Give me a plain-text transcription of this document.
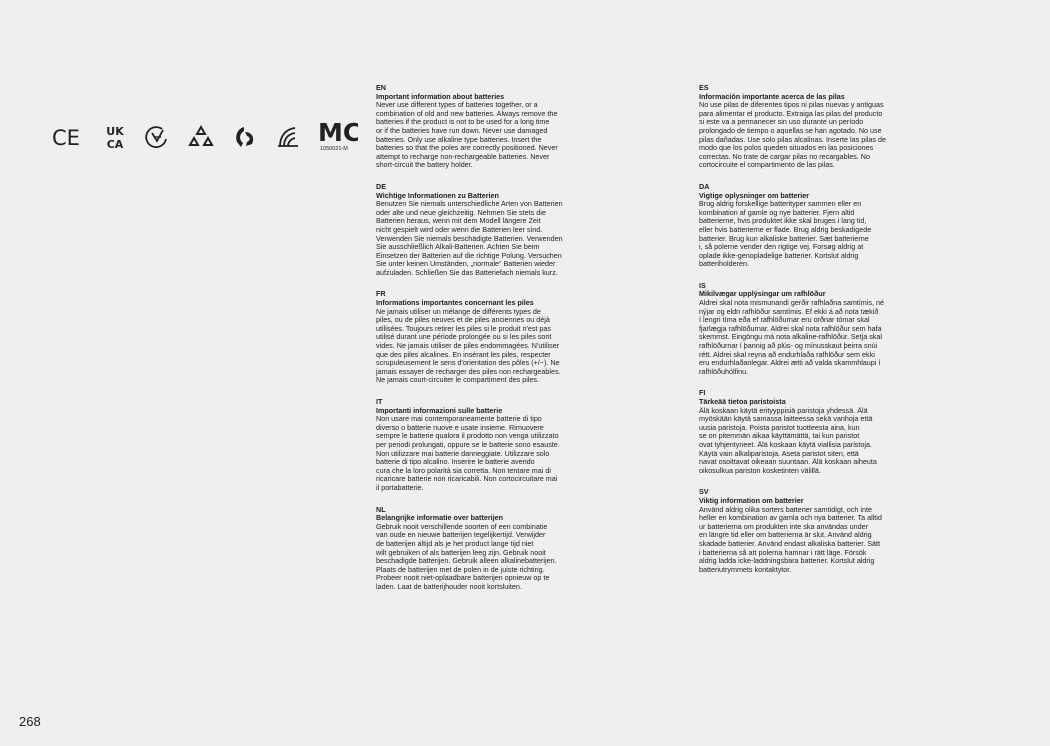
CE UK
CA	MC
1050021-M
EN
Important information about batteries
Never use different types of batteries together, or a
combination of old and new batteries. Always remove the
batteries if the product is not to be used for a long time
or if the batteries have run down. Never use damaged
batteries. Only use alkaline type batteries. Insert the
batteries so that the poles are correctly positioned. Never
attempt to recharge non-rechargeable batteries. Never
short-circuit the battery holder.
DE
Wichtige Informationen zu Batterien
Benutzen Sie niemals unterschiedliche Arten von Batterien
oder alte und neue gleichzeitig. Nehmen Sie stets die
Batterien heraus, wenn mit dem Modell längere Zeit
nicht gespielt wird oder wenn die Batterien leer sind.
Verwenden Sie niemals beschädigte Batterien. Verwenden
Sie ausschließlich Alkali-Batterien. Achten Sie beim
Einsetzen der Batterien auf die richtige Polung. Versuchen
Sie unter keinen Umständen, „normale“ Batterien wieder
aufzuladen. Schließen Sie das Batteriefach niemals kurz.
FR
Informations importantes concernant les piles
Ne jamais utiliser un mélange de différents types de
piles, ou de piles neuves et de piles anciennes ou déjà
utilisées. Toujours retirer les piles si le produit n'est pas
utilisé durant une période prolongée ou si les piles sont
vides. Ne jamais utiliser de piles endommagées. N'utiliser
que des piles alcalines. En insérant les piles, respecter
scrupuleusement le sens d'orientation des pôles (+/−). Ne
jamais essayer de recharger des piles non rechargeables.
Ne jamais court-circuiter le compartiment des piles.
IT
Importanti informazioni sulle batterie
Non usare mai contemporaneamente batterie di tipo
diverso o batterie nuove e usate insieme. Rimuovere
sempre le batterie qualora il prodotto non venga utilizzato
per periodi prolungati, oppure se le batterie sono esauste.
Non utilizzare mai batterie danneggiate. Utilizzare solo
batterie di tipo alcalino. Inserire le batterie avendo
cura che la loro polarità sia corretta. Non tentare mai di
ricaricare batterie non ricaricabili. Non cortocircuitare mai
il portabatterie.
NL
Belangrijke informatie over batterijen
Gebruik nooit verschillende soorten of een combinatie
van oude en nieuwe batterijen tegelijkertijd. Verwijder
de batterijen altijd als je het product lange tijd niet
wilt gebruiken of als batterijen leeg zijn. Gebruik nooit
beschadigde batterijen. Gebruik alleen alkalinebatterijen.
Plaats de batterijen met de polen in de juiste richting.
Probeer nooit niet-oplaadbare batterijen opnieuw op te
laden. Laat de batterijhouder nooit kortsluiten.
ES
Información importante acerca de las pilas
No use pilas de diferentes tipos ni pilas nuevas y antiguas
para alimentar el producto. Extraiga las pilas del producto
si este va a permanecer sin uso durante un período
prolongado de tiempo o aquellas se han agotado. No use
pilas dañadas. Use solo pilas alcalinas. Inserte las pilas de
modo que los polos queden situados en las posiciones
correctas. No trate de cargar pilas no recargables. No
cortocircuite el compartimento de las pilas.
DA
Vigtige oplysninger om batterier
Brug aldrig forskellige batterityper sammen eller en
kombination af gamle og nye batterier. Fjern altid
batterierne, hvis produktet ikke skal bruges i lang tid,
eller hvis batterierne er flade. Brug aldrig beskadigede
batterier. Brug kun alkaliske batterier. Sæt batterierne
i, så polerne vender den rigtige vej. Forsøg aldrig at
oplade ikke-genopladelige batterier. Kortslut aldrig
batteriholderen.
IS
Mikilvægar upplýsingar um rafhlöður
Aldrei skal nota mismunandi gerðir rafhlaðna samtímis, né
nýjar og eldri rafhlöður samtímis. Ef ekki á að nota tækið
í lengri tíma eða ef rafhlöðurnar eru orðnar tómar skal
fjarlægja rafhlöðurnar. Aldrei skal nota rafhlöður sem hafa
skemmst. Eingöngu má nota alkaline-rafhlöður. Setja skal
rafhlöðurnar í þannig að plús- og mínusskaut þeirra snúi
rétt. Aldrei skal reyna að endurhlaða rafhlöður sem ekki
eru endurhlaðanlegar. Aldrei ætti að valda skammhlaupi í
rafhlöðuhólfinu.
FI
Tärkeää tietoa paristoista
Älä koskaan käytä erityyppisiä paristoja yhdessä. Älä
myöskään käytä samassa laitteessa sekä vanhoja että
uusia paristoja. Poista paristot tuotteesta aina, kun
se on pitemmän aikaa käyttämättä, tai kun paristot
ovat tyhjentyneet. Älä koskaan käytä viallisia paristoja.
Käytä vain alkaliparistoja. Aseta paristot siten, että
navat osoittavat oikeaan suuntaan. Älä koskaan aiheuta
oikosulkua pariston kosketinten välillä.
SV
Viktig information om batterier
Använd aldrig olika sorters batterier samtidigt, och inte
heller en kombination av gamla och nya batterier. Ta alltid
ur batterierna om produkten inte ska användas under
en längre tid eller om batterierna är slut. Använd aldrig
skadade batterier. Använd endast alkaliska batterier. Sätt
i batterierna så att polerna hamnar i rätt läge. Försök
aldrig ladda icke-laddningsbara batterier. Kortslut aldrig
batteriutrymmets kontaktytor.
268
